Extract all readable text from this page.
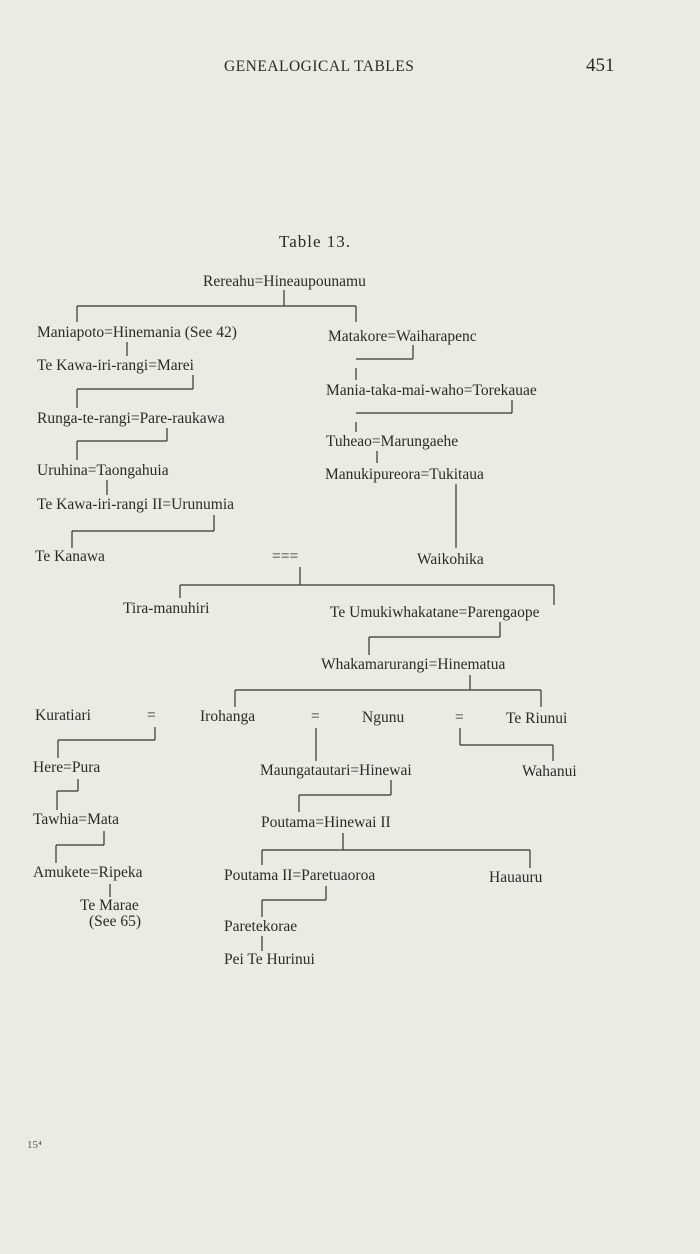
GENEALOGICAL TABLES	451
Table 13.
Rereahu=Hineaupounamu
Maniapoto=Hinemania (See 42)	Matakore=Waiharapenc
Te Kawa-iri-rangi=Marei
Mania-taka-mai-waho=Torekauae
Runga-te-rangi=Pare-raukawa
Tuheao=Marungaehe
Uruhina=Taongahuia	Manukipureora=Tukitaua
Te Kawa-iri-rangi II=Urunumia
Te Kanawa	===	Waikohika
Tira-manuhiri	Te Umukiwhakatane=Parengaope
Whakamarurangi=Hinematua
Kuratiari	=	Irohanga	=	Ngunu	=	Te Riunui
Here=Pura	Maungatautari=Hinewai	Wahanui
Tawhia=Mata	Poutama=Hinewai II
Amukete=Ripeka	Poutama II=Paretuaoroa	Hauauru
Te Marae
(See 65)	Paretekorae
Pei Te Hurinui
15⁴
